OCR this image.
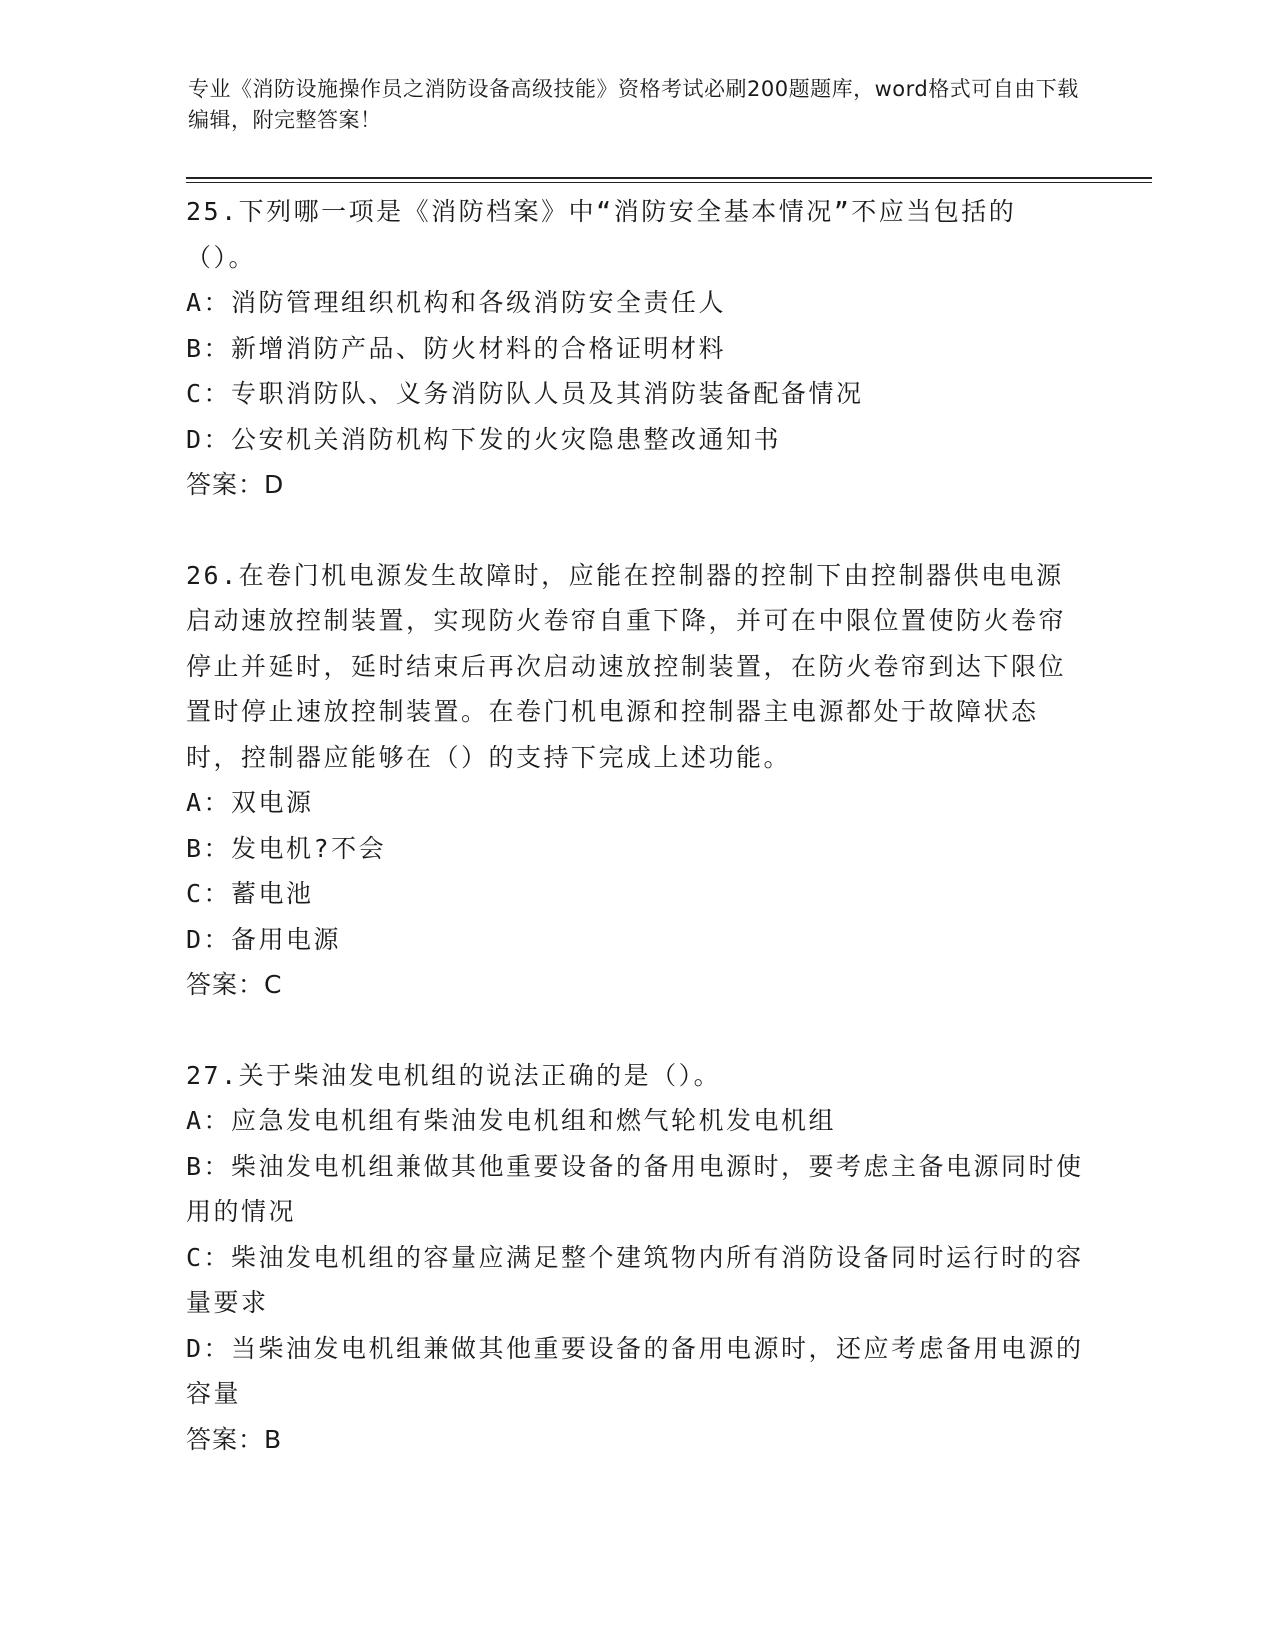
专业《消防设施操作员之消防设备高级技能》资格考试必刷200题题库，word格式可自由下载编辑，附完整答案！

25.下列哪一项是《消防档案》中“消防安全基本情况”不应当包括的（）。

A：消防管理组织机构和各级消防安全责任人

B：新增消防产品、防火材料的合格证明材料

C：专职消防队、义务消防队人员及其消防装备配备情况

D：公安机关消防机构下发的火灾隐患整改通知书

答案：D

26.在卷门机电源发生故障时，应能在控制器的控制下由控制器供电电源启动速放控制装置，实现防火卷帘自重下降，并可在中限位置使防火卷帘停止并延时，延时结束后再次启动速放控制装置，在防火卷帘到达下限位置时停止速放控制装置。在卷门机电源和控制器主电源都处于故障状态时，控制器应能够在（）的支持下完成上述功能。

A：双电源

B：发电机?不会

C：蓄电池

D：备用电源

答案：C

27.关于柴油发电机组的说法正确的是（）。

A：应急发电机组有柴油发电机组和燃气轮机发电机组

B：柴油发电机组兼做其他重要设备的备用电源时，要考虑主备电源同时使用的情况

C：柴油发电机组的容量应满足整个建筑物内所有消防设备同时运行时的容量要求

D：当柴油发电机组兼做其他重要设备的备用电源时，还应考虑备用电源的容量

答案：B
